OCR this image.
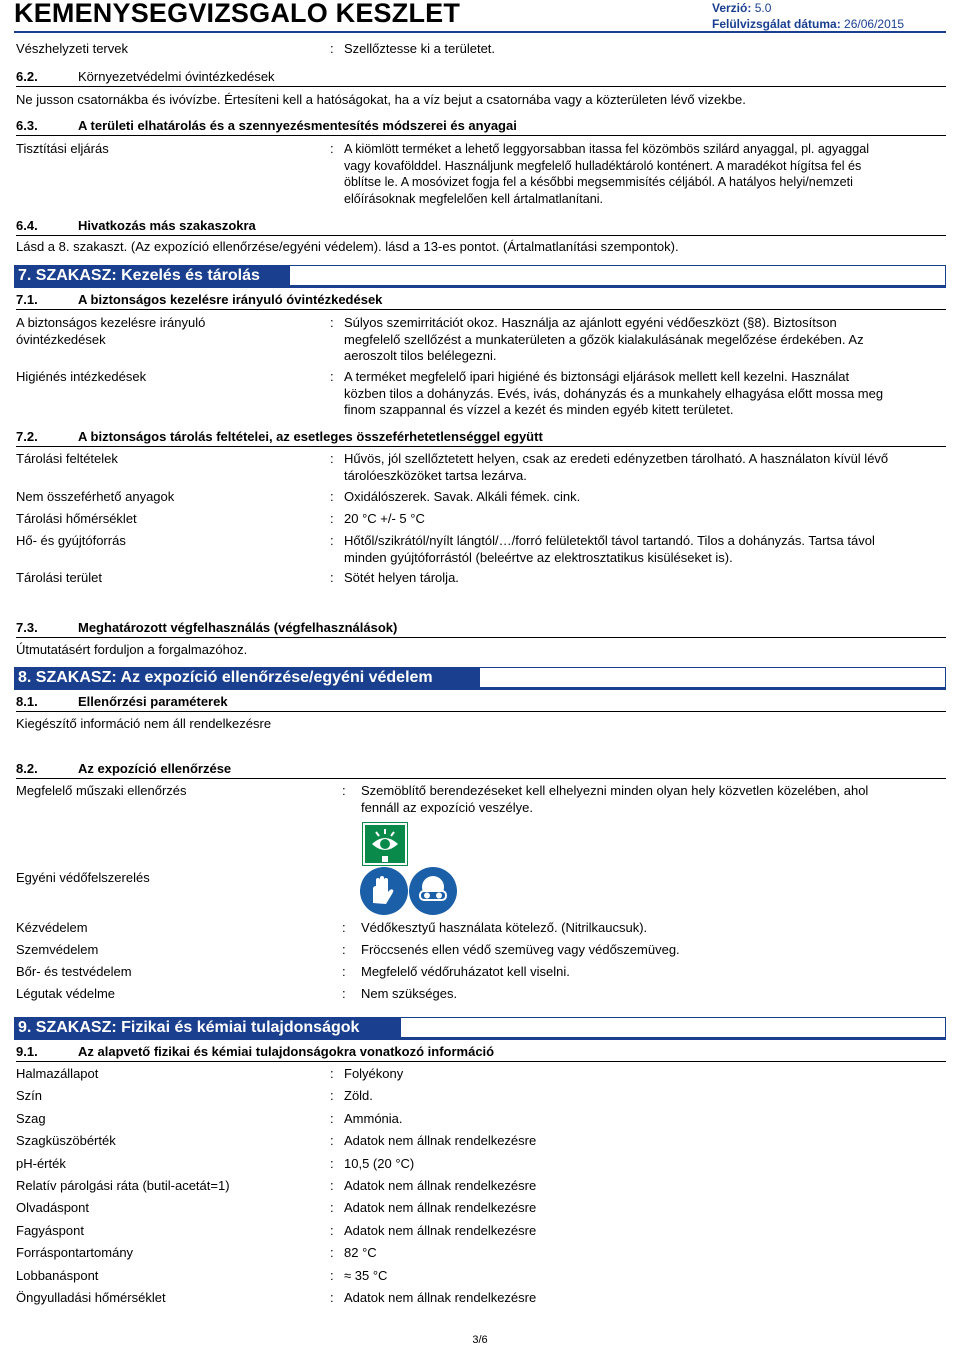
KEMENYSEGVIZSGALO KESZLET	Verzió: 5.0
Felülvizsgálat dátuma: 26/06/2015
Vészhelyzeti tervek	: Szellőztesse ki a területet.
6.2.	Környezetvédelmi óvintézkedések
Ne jusson csatornákba és ivóvízbe. Értesíteni kell a hatóságokat, ha a víz bejut a csatornába vagy a közterületen lévő vizekbe.
6.3.	A területi elhatárolás és a szennyezésmentesítés módszerei és anyagai
Tisztítási eljárás	: A kiömlött terméket a lehető leggyorsabban itassa fel közömbös szilárd anyaggal, pl. agyaggal
vagy kovafölddel. Használjunk megfelelő hulladéktároló konténert. A maradékot hígítsa fel és
öblítse le. A mosóvizet fogja fel a későbbi megsemmisítés céljából. A hatályos helyi/nemzeti
előírásoknak megfelelően kell ártalmatlanítani.
6.4.	Hivatkozás más szakaszokra
Lásd a 8. szakaszt. (Az expozíció ellenőrzése/egyéni védelem). lásd a 13-es pontot. (Ártalmatlanítási szempontok).
7. SZAKASZ: Kezelés és tárolás
7.1.	A biztonságos kezelésre irányuló óvintézkedések
A biztonságos kezelésre irányuló
óvintézkedések
: Súlyos szemirritációt okoz. Használja az ajánlott egyéni védőeszközt (§8). Biztosítson
megfelelő szellőzést a munkaterületen a gőzök kialakulásának megelőzése érdekében. Az
aeroszolt tilos belélegezni.
Higiénés intézkedések	: A terméket megfelelő ipari higiéné és biztonsági eljárások mellett kell kezelni. Használat
közben tilos a dohányzás. Evés, ivás, dohányzás és a munkahely elhagyása előtt mossa meg
finom szappannal és vízzel a kezét és minden egyéb kitett területet.
7.2.	A biztonságos tárolás feltételei, az esetleges összeférhetetlenséggel együtt
Tárolási feltételek	: Hűvös, jól szellőztetett helyen, csak az eredeti edényzetben tárolható. A használaton kívül lévő
tárolóeszközöket tartsa lezárva.
Nem összeférhető anyagok	: Oxidálószerek. Savak. Alkáli fémek. cink.
Tárolási hőmérséklet	: 20 °C +/- 5 °C
Hő- és gyújtóforrás	: Hőtől/szikrától/nyílt lángtól/…/forró felületektől távol tartandó. Tilos a dohányzás. Tartsa távol
minden gyújtóforrástól (beleértve az elektrosztatikus kisüléseket is).
Tárolási terület	: Sötét helyen tárolja.
7.3.	Meghatározott végfelhasználás (végfelhasználások)
Útmutatásért forduljon a forgalmazóhoz.
8. SZAKASZ: Az expozíció ellenőrzése/egyéni védelem
8.1.	Ellenőrzési paraméterek
Kiegészítő információ nem áll rendelkezésre
8.2.	Az expozíció ellenőrzése
Megfelelő műszaki ellenőrzés	: Szemöblítő berendezéseket kell elhelyezni minden olyan hely közvetlen közelében, ahol
fennáll az expozíció veszélye.
Egyéni védőfelszerelés
Kézvédelem	: Védőkesztyű használata kötelező. (Nitrilkaucsuk).
Szemvédelem	: Fröccsenés ellen védő szemüveg vagy védőszemüveg.
Bőr- és testvédelem	: Megfelelő védőruházatot kell viselni.
Légutak védelme	: Nem szükséges.
9. SZAKASZ: Fizikai és kémiai tulajdonságok
9.1.	Az alapvető fizikai és kémiai tulajdonságokra vonatkozó információ
Halmazállapot	: Folyékony
Szín	: Zöld.
Szag	: Ammónia.
Szagküszöbérték	: Adatok nem állnak rendelkezésre
pH-érték	: 10,5 (20 °C)
Relatív párolgási ráta (butil-acetát=1)	: Adatok nem állnak rendelkezésre
Olvadáspont	: Adatok nem állnak rendelkezésre
Fagyáspont	: Adatok nem állnak rendelkezésre
Forráspontartomány	: 82 °C
Lobbanáspont	: ≈ 35 °C
Öngyulladási hőmérséklet	: Adatok nem állnak rendelkezésre
3/6
